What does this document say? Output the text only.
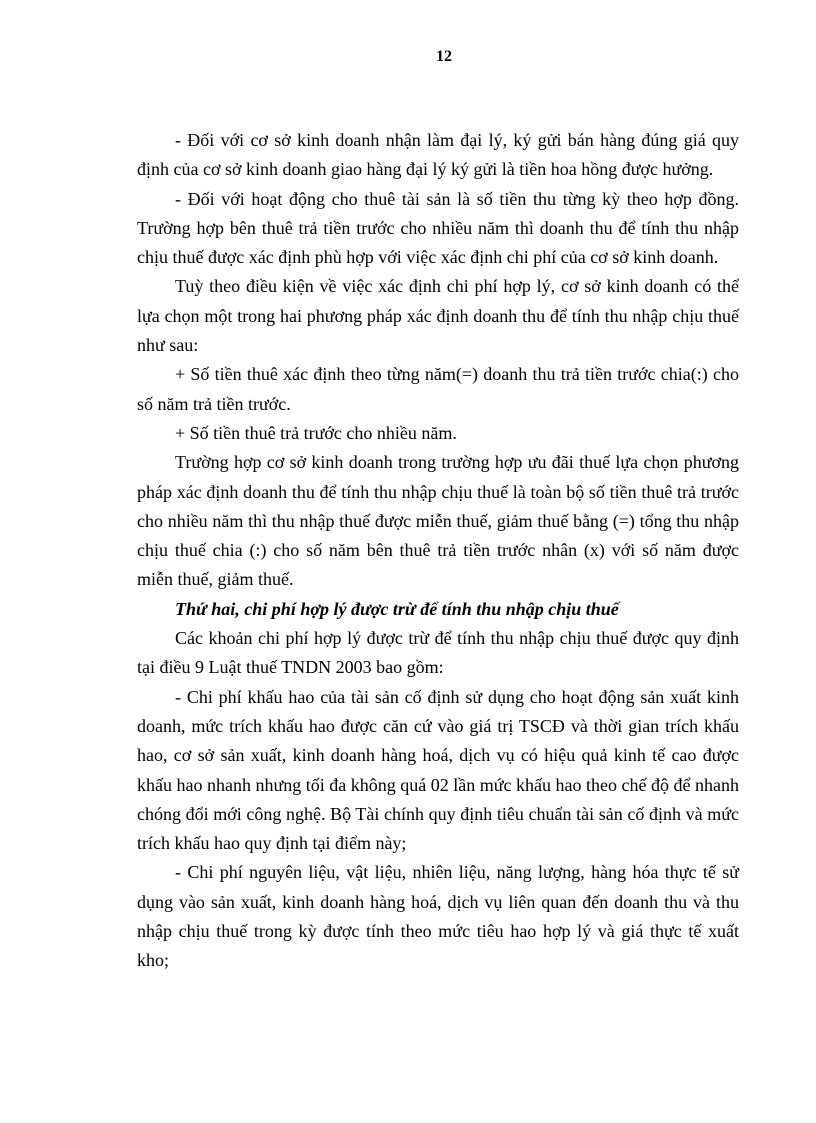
12

- Đối với cơ sở kinh doanh nhận làm đại lý, ký gửi bán hàng đúng giá quy định của cơ sở kinh doanh giao hàng đại lý ký gửi là tiền hoa hồng được hưởng.

- Đối với hoạt động cho thuê tài sản là số tiền thu từng kỳ theo hợp đồng. Trường hợp bên thuê trả tiền trước cho nhiều năm thì doanh thu để tính thu nhập chịu thuế được xác định phù hợp với việc xác định chi phí của cơ sở kinh doanh.

Tuỳ theo điều kiện về việc xác định chi phí hợp lý, cơ sở kinh doanh có thể lựa chọn một trong hai phương pháp xác định doanh thu để tính thu nhập chịu thuế như sau:

+ Số tiền thuê xác định theo từng năm(=) doanh thu trả tiền trước chia(:) cho số năm trả tiền trước.

+ Số tiền thuê trả trước cho nhiều năm.

Trường hợp cơ sở kinh doanh trong trường hợp ưu đãi thuế lựa chọn phương pháp xác định doanh thu để tính thu nhập chịu thuế là toàn bộ số tiền thuê trả trước cho nhiều năm thì thu nhập thuế được miễn thuế, giảm thuế bằng (=) tổng thu nhập chịu thuế chia (:) cho số năm bên thuê trả tiền trước nhân (x) với số năm được miễn thuế, giảm thuế.

Thứ hai, chi phí hợp lý được trừ để tính thu nhập chịu thuế

Các khoản chi phí hợp lý được trừ để tính thu nhập chịu thuế được quy định tại điều 9 Luật thuế TNDN 2003 bao gồm:

- Chi phí khấu hao của tài sản cố định sử dụng cho hoạt động sản xuất kinh doanh, mức trích khấu hao được căn cứ vào giá trị TSCĐ và thời gian trích khấu hao, cơ sở sản xuất, kinh doanh hàng hoá, dịch vụ có hiệu quả kinh tế cao được khấu hao nhanh nhưng tối đa không quá 02 lần mức khấu hao theo chế độ để nhanh chóng đổi mới công nghệ. Bộ Tài chính quy định tiêu chuẩn tài sản cố định và mức trích khấu hao quy định tại điểm này;

- Chi phí nguyên liệu, vật liệu, nhiên liệu, năng lượng, hàng hóa thực tế sử dụng vào sản xuất, kinh doanh hàng hoá, dịch vụ liên quan đến doanh thu và thu nhập chịu thuế trong kỳ được tính theo mức tiêu hao hợp lý và giá thực tế xuất kho;
